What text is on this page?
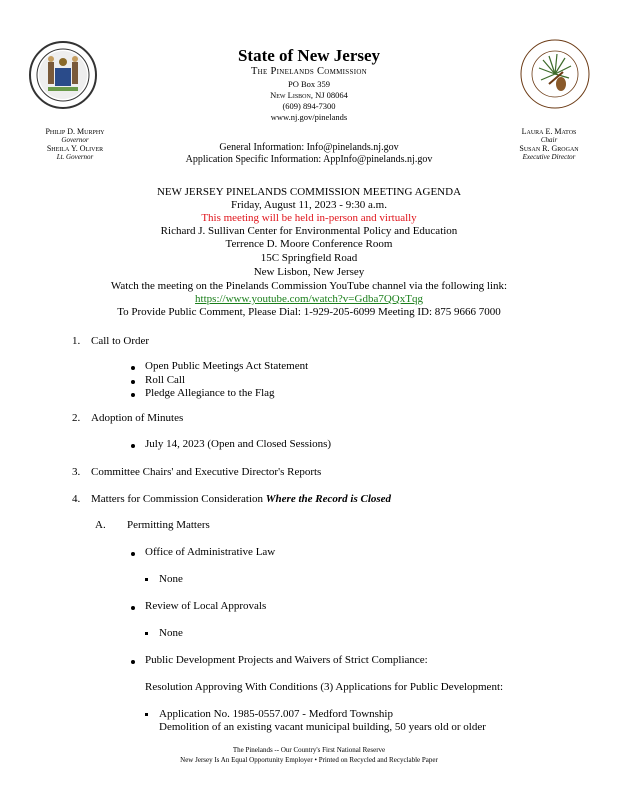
State of New Jersey
The Pinelands Commission
PO Box 359
New Lisbon, NJ 08064
(609) 894-7300
www.nj.gov/pinelands
Philip D. Murphy
Governor
Sheila Y. Oliver
Lt. Governor
Laura E. Matos
Chair
Susan R. Grogan
Executive Director
General Information: Info@pinelands.nj.gov
Application Specific Information: AppInfo@pinelands.nj.gov
NEW JERSEY PINELANDS COMMISSION MEETING AGENDA
Friday, August 11, 2023 - 9:30 a.m.
This meeting will be held in-person and virtually
Richard J. Sullivan Center for Environmental Policy and Education
Terrence D. Moore Conference Room
15C Springfield Road
New Lisbon, New Jersey
Watch the meeting on the Pinelands Commission YouTube channel via the following link:
https://www.youtube.com/watch?v=Gdba7QQxTqg
To Provide Public Comment, Please Dial: 1-929-205-6099 Meeting ID: 875 9666 7000
1. Call to Order
Open Public Meetings Act Statement
Roll Call
Pledge Allegiance to the Flag
2. Adoption of Minutes
July 14, 2023 (Open and Closed Sessions)
3. Committee Chairs' and Executive Director's Reports
4. Matters for Commission Consideration Where the Record is Closed
A. Permitting Matters
Office of Administrative Law
None
Review of Local Approvals
None
Public Development Projects and Waivers of Strict Compliance:
Resolution Approving With Conditions (3) Applications for Public Development:
Application No. 1985-0557.007 - Medford Township
Demolition of an existing vacant municipal building, 50 years old or older
The Pinelands -- Our Country's First National Reserve
New Jersey Is An Equal Opportunity Employer • Printed on Recycled and Recyclable Paper
